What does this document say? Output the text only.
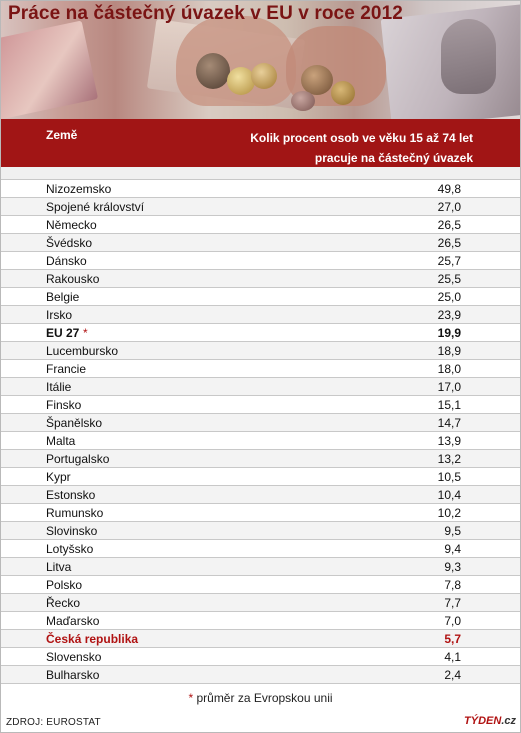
Práce na částečný úvazek v EU v roce 2012
Země	Kolik procent osob ve věku 15 až 74 let
pracuje na částečný úvazek
Nizozemsko	49,8
Spojené království	27,0
Německo	26,5
Švédsko	26,5
Dánsko	25,7
Rakousko	25,5
Belgie	25,0
Irsko	23,9
EU 27 *	19,9
Lucembursko	18,9
Francie	18,0
Itálie	17,0
Finsko	15,1
Španělsko	14,7
Malta	13,9
Portugalsko	13,2
Kypr	10,5
Estonsko	10,4
Rumunsko	10,2
Slovinsko	9,5
Lotyšsko	9,4
Litva	9,3
Polsko	7,8
Řecko	7,7
Maďarsko	7,0
Česká republika	5,7
Slovensko	4,1
Bulharsko	2,4
* průměr za Evropskou unii
ZDROJ: EUROSTAT	TÝDEN.cz
